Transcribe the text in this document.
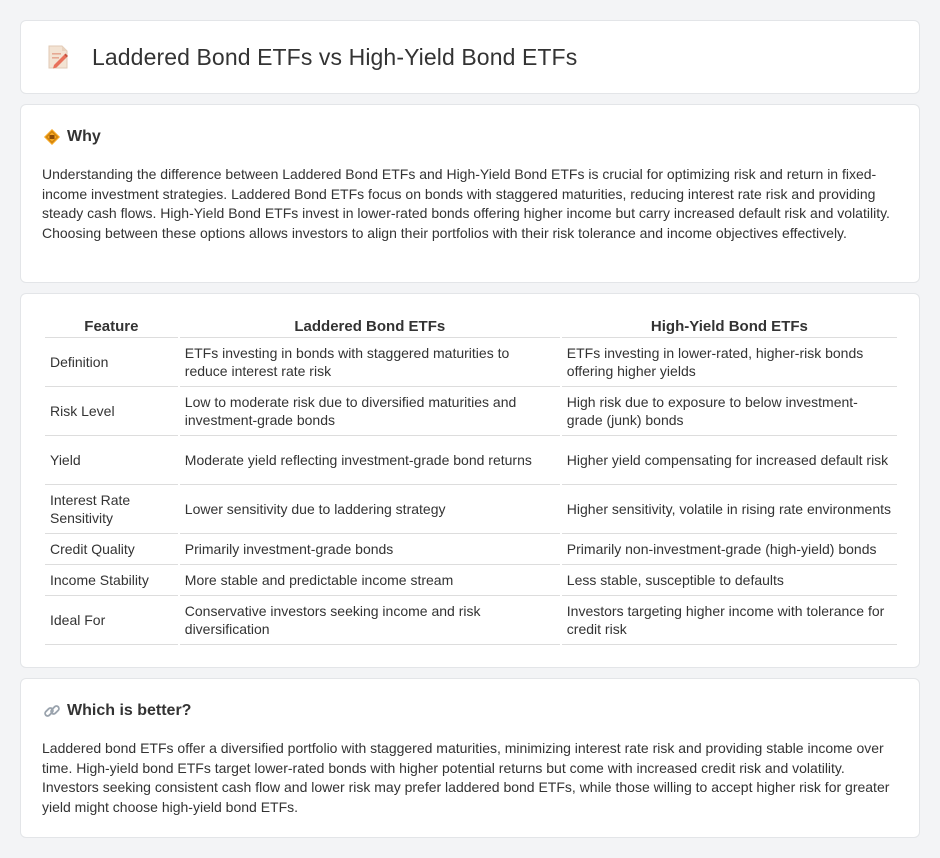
Laddered Bond ETFs vs High-Yield Bond ETFs
Why

Understanding the difference between Laddered Bond ETFs and High-Yield Bond ETFs is crucial for optimizing risk and return in fixed-income investment strategies. Laddered Bond ETFs focus on bonds with staggered maturities, reducing interest rate risk and providing steady cash flows. High-Yield Bond ETFs invest in lower-rated bonds offering higher income but carry increased default risk and volatility. Choosing between these options allows investors to align their portfolios with their risk tolerance and income objectives effectively.

Feature	Laddered Bond ETFs	High-Yield Bond ETFs
Definition	ETFs investing in bonds with staggered maturities to reduce interest rate risk	ETFs investing in lower-rated, higher-risk bonds offering higher yields
Risk Level	Low to moderate risk due to diversified maturities and investment-grade bonds	High risk due to exposure to below investment-grade (junk) bonds
Yield	Moderate yield reflecting investment-grade bond returns	Higher yield compensating for increased default risk
Interest Rate Sensitivity	Lower sensitivity due to laddering strategy	Higher sensitivity, volatile in rising rate environments
Credit Quality	Primarily investment-grade bonds	Primarily non-investment-grade (high-yield) bonds
Income Stability	More stable and predictable income stream	Less stable, susceptible to defaults
Ideal For	Conservative investors seeking income and risk diversification	Investors targeting higher income with tolerance for credit risk
Which is better?

Laddered bond ETFs offer a diversified portfolio with staggered maturities, minimizing interest rate risk and providing stable income over time. High-yield bond ETFs target lower-rated bonds with higher potential returns but come with increased credit risk and volatility. Investors seeking consistent cash flow and lower risk may prefer laddered bond ETFs, while those willing to accept higher risk for greater yield might choose high-yield bond ETFs.
